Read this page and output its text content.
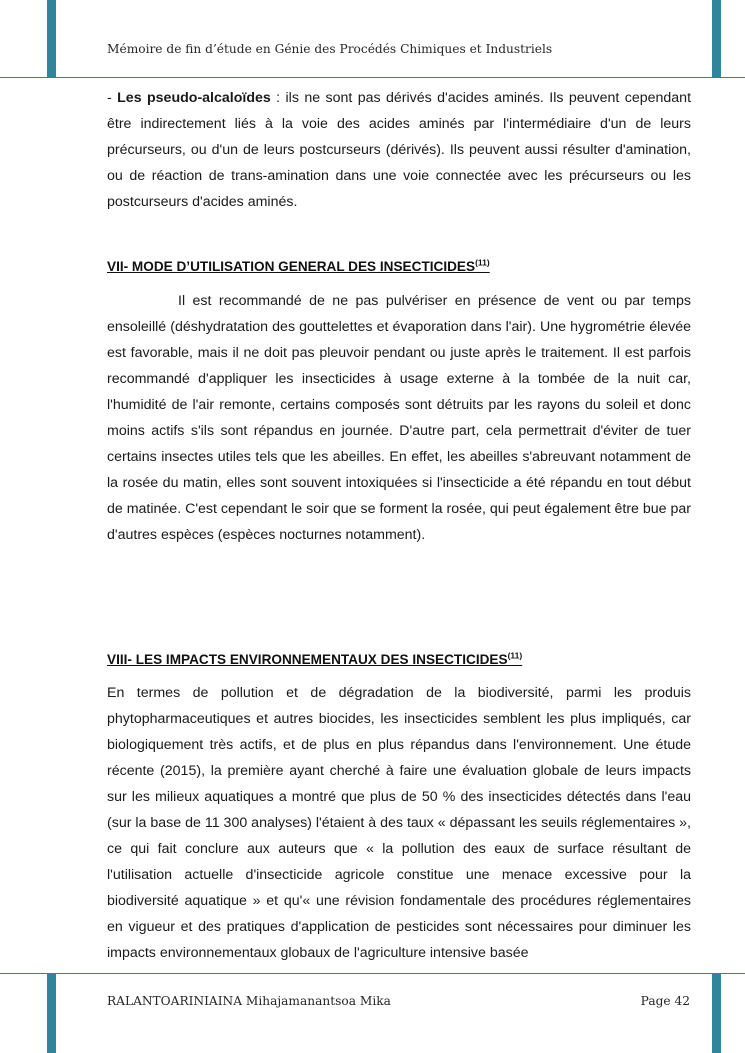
Mémoire de fin d’étude en Génie des Procédés Chimiques et Industriels

- Les pseudo-alcaloïdes : ils ne sont pas dérivés d'acides aminés. Ils peuvent cependant être indirectement liés à la voie des acides aminés par l'intermédiaire d'un de leurs précurseurs, ou d'un de leurs postcurseurs (dérivés). Ils peuvent aussi résulter d'amination, ou de réaction de trans-amination dans une voie connectée avec les précurseurs ou les postcurseurs d'acides aminés.

VII- MODE D’UTILISATION GENERAL DES INSECTICIDES$^{(11)}$

Il est recommandé de ne pas pulvériser en présence de vent ou par temps ensoleillé (déshydratation des gouttelettes et évaporation dans l'air). Une hygrométrie élevée est favorable, mais il ne doit pas pleuvoir pendant ou juste après le traitement. Il est parfois recommandé d'appliquer les insecticides à usage externe à la tombée de la nuit car, l'humidité de l'air remonte, certains composés sont détruits par les rayons du soleil et donc moins actifs s'ils sont répandus en journée. D'autre part, cela permettrait d'éviter de tuer certains insectes utiles tels que les abeilles. En effet, les abeilles s'abreuvant notamment de la rosée du matin, elles sont souvent intoxiquées si l'insecticide a été répandu en tout début de matinée. C'est cependant le soir que se forment la rosée, qui peut également être bue par d'autres espèces (espèces nocturnes notamment).

VIII- LES IMPACTS ENVIRONNEMENTAUX DES INSECTICIDES$^{(11)}$

En termes de pollution et de dégradation de la biodiversité, parmi les produis phytopharmaceutiques et autres biocides, les insecticides semblent les plus impliqués, car biologiquement très actifs, et de plus en plus répandus dans l'environnement. Une étude récente (2015), la première ayant cherché à faire une évaluation globale de leurs impacts sur les milieux aquatiques a montré que plus de 50 % des insecticides détectés dans l'eau (sur la base de 11 300 analyses) l'étaient à des taux « dépassant les seuils réglementaires », ce qui fait conclure aux auteurs que « la pollution des eaux de surface résultant de l'utilisation actuelle d'insecticide agricole constitue une menace excessive pour la biodiversité aquatique » et qu'« une révision fondamentale des procédures réglementaires en vigueur et des pratiques d'application de pesticides sont nécessaires pour diminuer les impacts environnementaux globaux de l'agriculture intensive basée

RALANTOARINIAINA Mihajamanantsoa Mika	Page 42
